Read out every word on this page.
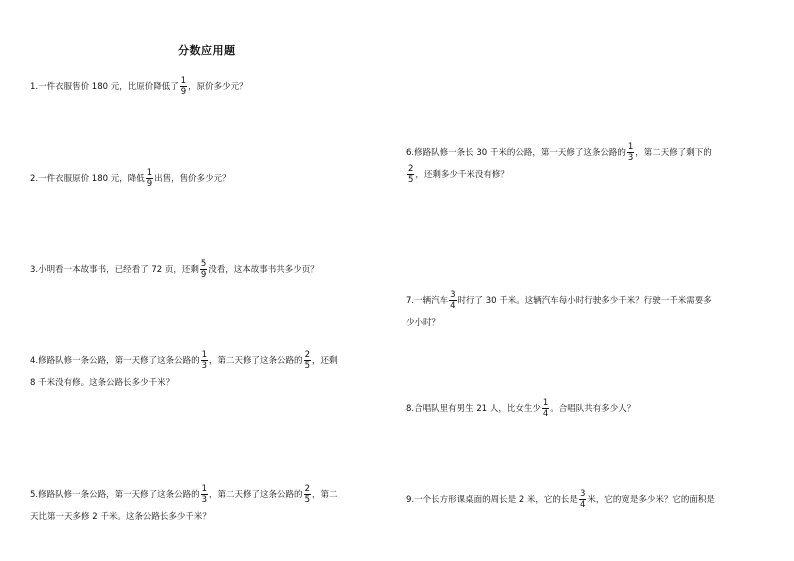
分数应用题
1.一件衣服售价 180 元，比原价降低了 $\frac{1}{9}$ ，原价多少元？
2.一件衣服原价 180 元，降低 $\frac{1}{9}$ 出售，售价多少元？
3.小明看一本故事书，已经看了 72 页，还剩 $\frac{5}{9}$ 没看，这本故事书共多少页？
4.修路队修一条公路，第一天修了这条公路的 $\frac{1}{3}$ ，第二天修了这条公路的 $\frac{2}{5}$ ，还剩
8 千米没有修。这条公路长多少千米？
5.修路队修一条公路，第一天修了这条公路的 $\frac{1}{3}$ ，第二天修了这条公路的 $\frac{2}{5}$ ，第二
天比第一天多修 2 千米。这条公路长多少千米？
6.修路队修一条长 30 千米的公路，第一天修了这条公路的 $\frac{1}{3}$ ，第二天修了剩下的
$\frac{2}{5}$ ，还剩多少千米没有修？
7.一辆汽车 $\frac{3}{4}$ 时行了 30 千米。这辆汽车每小时行驶多少千米？行驶一千米需要多
少小时？
8.合唱队里有男生 21 人，比女生少 $\frac{1}{4}$ 。合唱队共有多少人？
9.一个长方形课桌面的周长是 2 米，它的长是 $\frac{3}{4}$ 米，它的宽是多少米？它的面积是
